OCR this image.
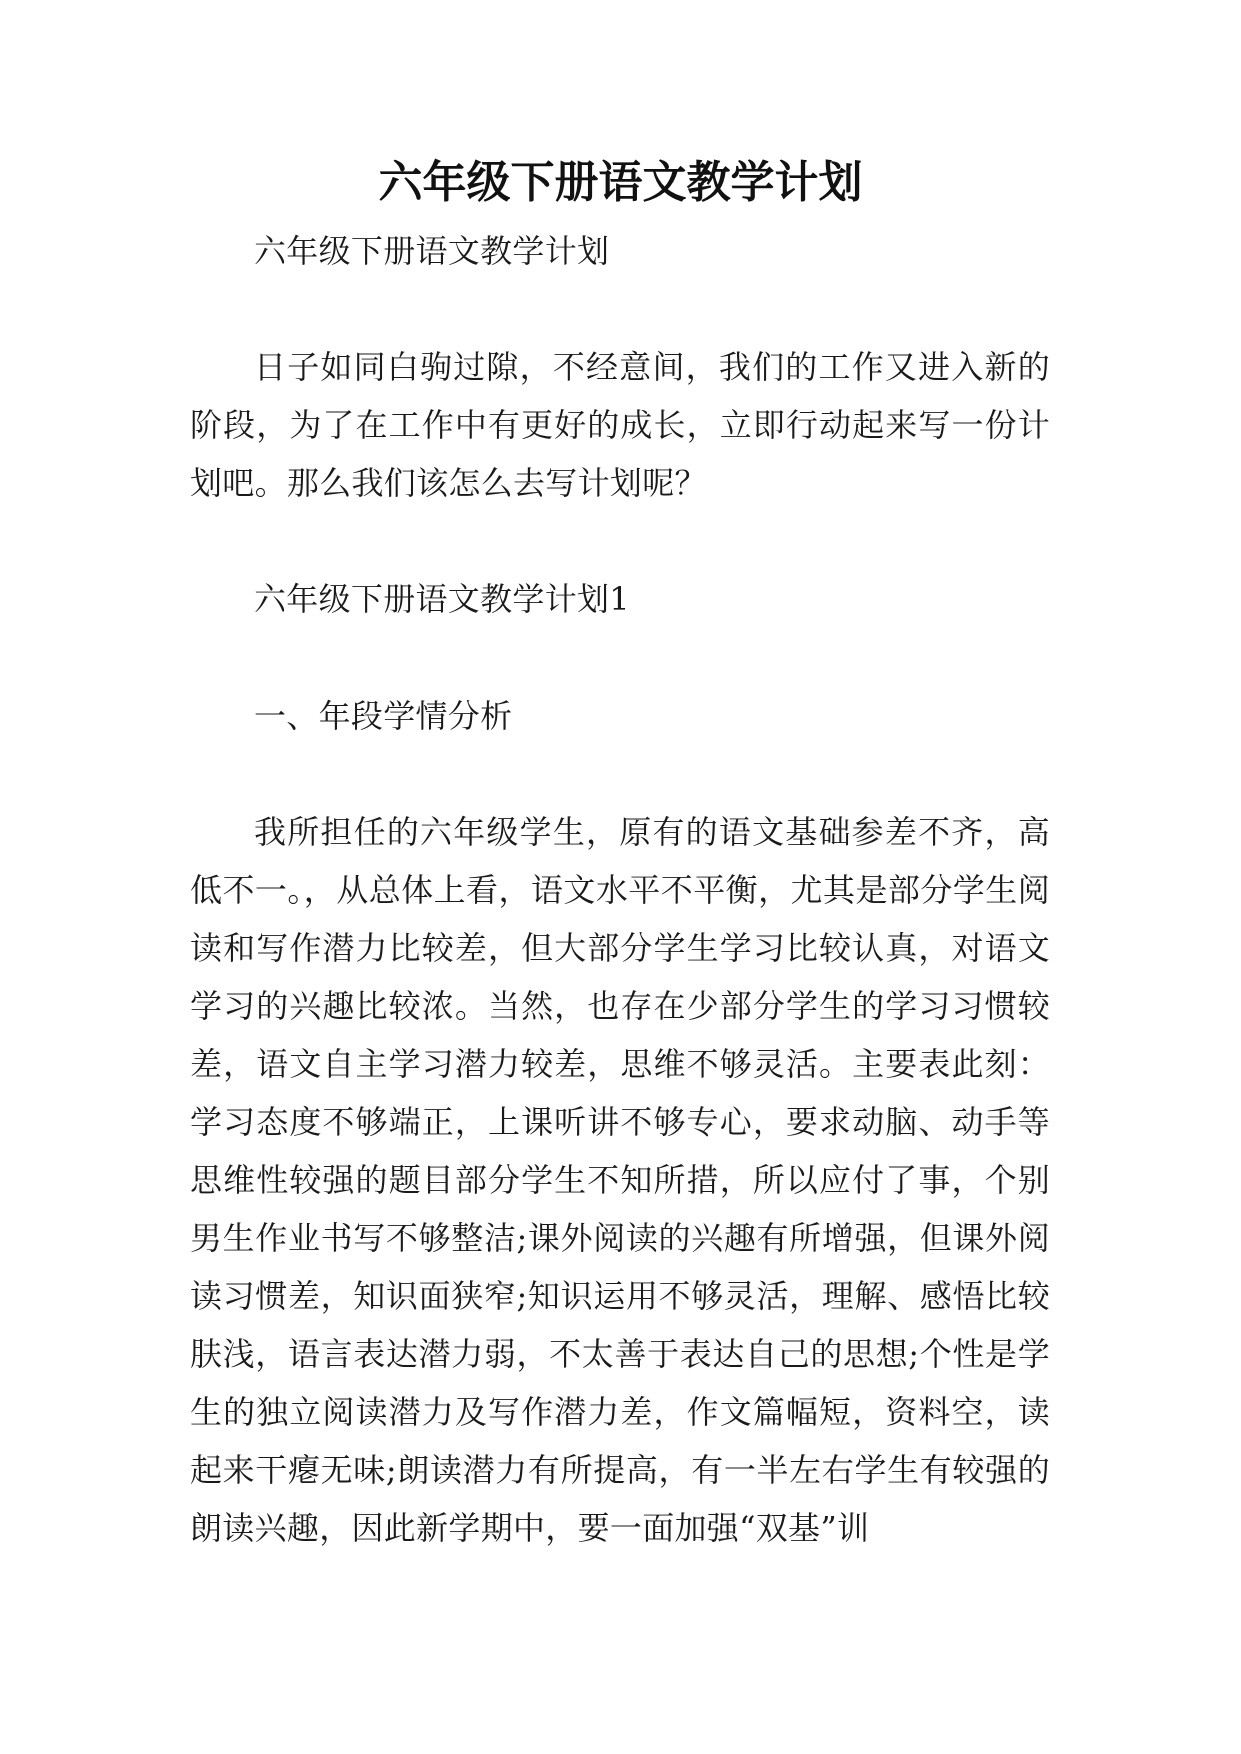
六年级下册语文教学计划

六年级下册语文教学计划

日子如同白驹过隙，不经意间，我们的工作又进入新的阶段，为了在工作中有更好的成长，立即行动起来写一份计划吧。那么我们该怎么去写计划呢？

六年级下册语文教学计划1

一、年段学情分析

我所担任的六年级学生，原有的语文基础参差不齐，高低不一。，从总体上看，语文水平不平衡，尤其是部分学生阅读和写作潜力比较差，但大部分学生学习比较认真，对语文学习的兴趣比较浓。当然，也存在少部分学生的学习习惯较差，语文自主学习潜力较差，思维不够灵活。主要表此刻：学习态度不够端正，上课听讲不够专心，要求动脑、动手等思维性较强的题目部分学生不知所措，所以应付了事，个别男生作业书写不够整洁;课外阅读的兴趣有所增强，但课外阅读习惯差，知识面狭窄;知识运用不够灵活，理解、感悟比较肤浅，语言表达潜力弱，不太善于表达自己的思想;个性是学生的独立阅读潜力及写作潜力差，作文篇幅短，资料空，读起来干瘪无味;朗读潜力有所提高，有一半左右学生有较强的朗读兴趣，因此新学期中，要一面加强“双基”训
